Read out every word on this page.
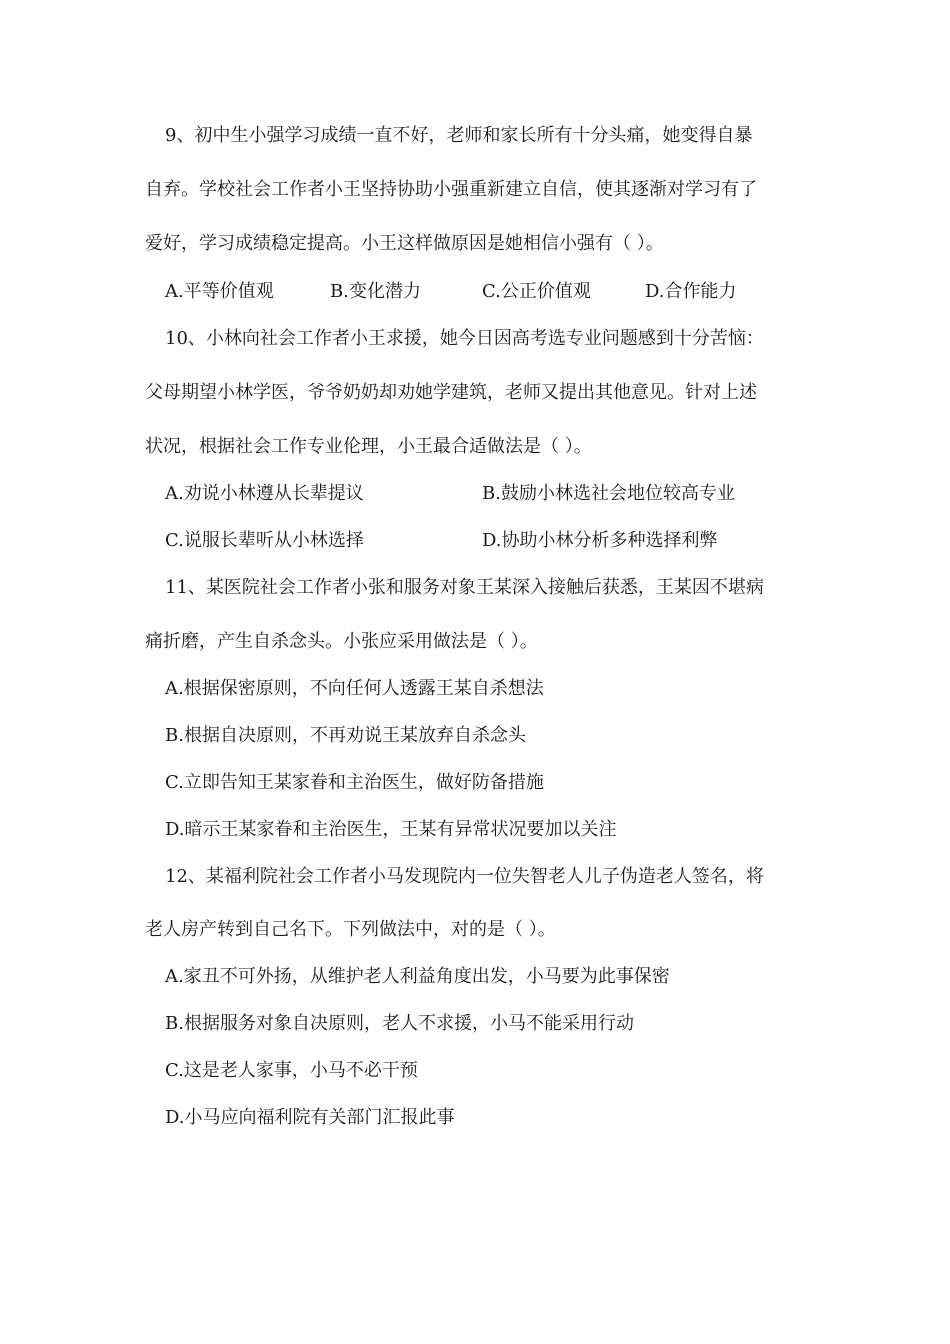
9、初中生小强学习成绩一直不好，老师和家长所有十分头痛，她变得自暴
自弃。学校社会工作者小王坚持协助小强重新建立自信，使其逐渐对学习有了
爱好，学习成绩稳定提高。小王这样做原因是她相信小强有（ ）。
A.平等价值观	B.变化潜力	C.公正价值观	D.合作能力
10、小林向社会工作者小王求援，她今日因高考选专业问题感到十分苦恼：
父母期望小林学医，爷爷奶奶却劝她学建筑，老师又提出其他意见。针对上述
状况，根据社会工作专业伦理，小王最合适做法是（ ）。
A.劝说小林遵从长辈提议	B.鼓励小林选社会地位较高专业
C.说服长辈听从小林选择	D.协助小林分析多种选择利弊
11、某医院社会工作者小张和服务对象王某深入接触后获悉，王某因不堪病
痛折磨，产生自杀念头。小张应采用做法是（ ）。
A.根据保密原则，不向任何人透露王某自杀想法
B.根据自决原则，不再劝说王某放弃自杀念头
C.立即告知王某家眷和主治医生，做好防备措施
D.暗示王某家眷和主治医生，王某有异常状况要加以关注
12、某福利院社会工作者小马发现院内一位失智老人儿子伪造老人签名，将
老人房产转到自己名下。下列做法中，对的是（ ）。
A.家丑不可外扬，从维护老人利益角度出发，小马要为此事保密
B.根据服务对象自决原则，老人不求援，小马不能采用行动
C.这是老人家事，小马不必干预
D.小马应向福利院有关部门汇报此事
